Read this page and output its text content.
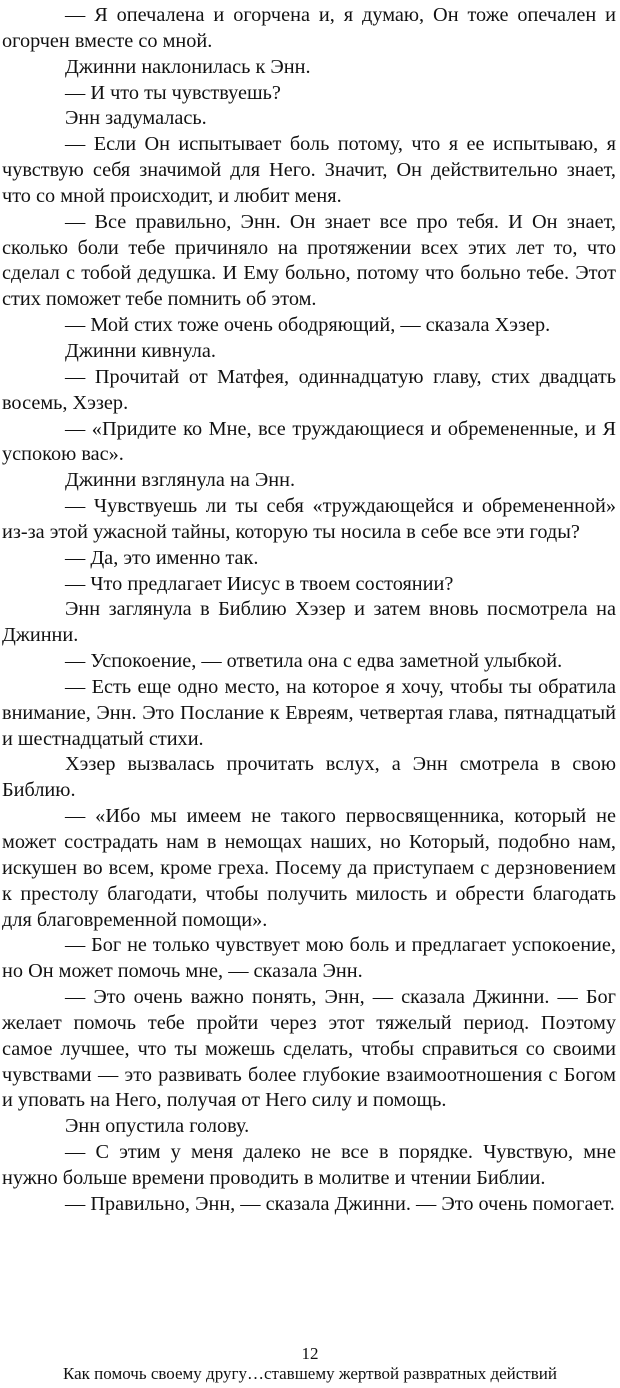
— Я опечалена и огорчена и, я думаю, Он тоже опечален и огорчен вместе со мной.

Джинни наклонилась к Энн.

— И что ты чувствуешь?

Энн задумалась.

— Если Он испытывает боль потому, что я ее испытываю, я чувствую себя значимой для Него. Значит, Он действительно знает, что со мной происходит, и любит меня.

— Все правильно, Энн. Он знает все про тебя. И Он знает, сколько боли тебе причиняло на протяжении всех этих лет то, что сделал с тобой дедушка. И Ему больно, потому что больно тебе. Этот стих поможет тебе помнить об этом.

— Мой стих тоже очень ободряющий, — сказала Хэзер.

Джинни кивнула.

— Прочитай от Матфея, одиннадцатую главу, стих двадцать восемь, Хэзер.

— «Придите ко Мне, все труждающиеся и обремененные, и Я успокою вас».

Джинни взглянула на Энн.

— Чувствуешь ли ты себя «труждающейся и обремененной» из-за этой ужасной тайны, которую ты носила в себе все эти годы?

— Да, это именно так.

— Что предлагает Иисус в твоем состоянии?

Энн заглянула в Библию Хэзер и затем вновь посмотрела на Джинни.

— Успокоение, — ответила она с едва заметной улыбкой.

— Есть еще одно место, на которое я хочу, чтобы ты обратила внимание, Энн. Это Послание к Евреям, четвертая глава, пятнадцатый и шестнадцатый стихи.

Хэзер вызвалась прочитать вслух, а Энн смотрела в свою Библию.

— «Ибо мы имеем не такого первосвященника, который не может сострадать нам в немощах наших, но Который, подобно нам, искушен во всем, кроме греха. Посему да приступаем с дерзновением к престолу благодати, чтобы получить милость и обрести благодать для благовременной помощи».

— Бог не только чувствует мою боль и предлагает успокоение, но Он может помочь мне, — сказала Энн.

— Это очень важно понять, Энн, — сказала Джинни. — Бог желает помочь тебе пройти через этот тяжелый период. Поэтому самое лучшее, что ты можешь сделать, чтобы справиться со своими чувствами — это развивать более глубокие взаимоотношения с Богом и уповать на Него, получая от Него силу и помощь.

Энн опустила голову.

— С этим у меня далеко не все в порядке. Чувствую, мне нужно больше времени проводить в молитве и чтении Библии.

— Правильно, Энн, — сказала Джинни. — Это очень помогает.

12
Как помочь своему другу…ставшему жертвой развратных действий
